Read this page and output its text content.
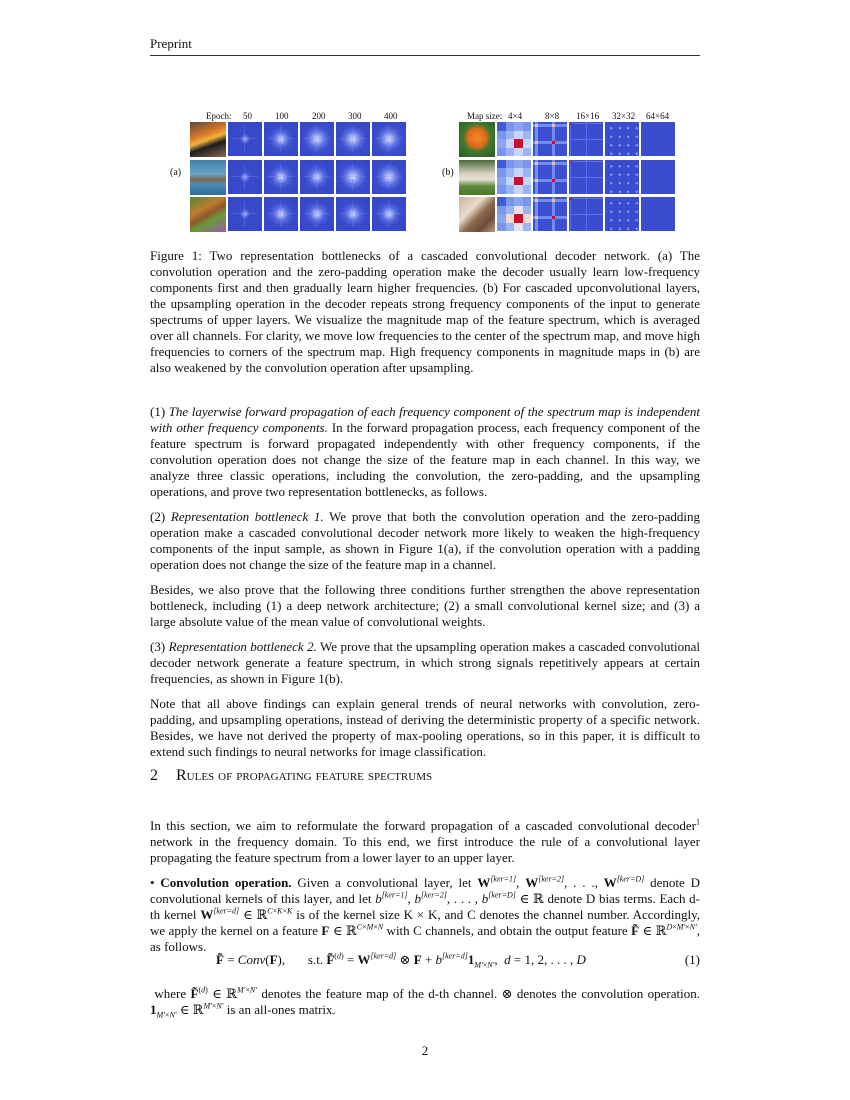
Preprint
(a)
Epoch: 50	100	200	300	400
(b)
Map size: 4×4	8×8 16×16 32×32 64×64
Figure 1: Two representation bottlenecks of a cascaded convolutional decoder network. (a) The convolution operation and the zero-padding operation make the decoder usually learn low-frequency components first and then gradually learn higher frequencies. (b) For cascaded upconvolutional layers, the upsampling operation in the decoder repeats strong frequency components of the input to generate spectrums of upper layers. We visualize the magnitude map of the feature spectrum, which is averaged over all channels. For clarity, we move low frequencies to the center of the spectrum map, and move high frequencies to corners of the spectrum map. High frequency components in magnitude maps in (b) are also weakened by the convolution operation after upsampling.

(1) The layerwise forward propagation of each frequency component of the spectrum map is independent with other frequency components. In the forward propagation process, each frequency component of the feature spectrum is forward propagated independently with other frequency components, if the convolution operation does not change the size of the feature map in each channel. In this way, we analyze three classic operations, including the convolution, the zero-padding, and the upsampling operations, and prove two representation bottlenecks, as follows.

(2) Representation bottleneck 1. We prove that both the convolution operation and the zero-padding operation make a cascaded convolutional decoder network more likely to weaken the high-frequency components of the input sample, as shown in Figure 1(a), if the convolution operation with a padding operation does not change the size of the feature map in a channel.

Besides, we also prove that the following three conditions further strengthen the above representation bottleneck, including (1) a deep network architecture; (2) a small convolutional kernel size; and (3) a large absolute value of the mean value of convolutional weights.

(3) Representation bottleneck 2. We prove that the upsampling operation makes a cascaded convolutional decoder network generate a feature spectrum, in which strong signals repetitively appears at certain frequencies, as shown in Figure 1(b).

Note that all above findings can explain general trends of neural networks with convolution, zero-padding, and upsampling operations, instead of deriving the deterministic property of a specific network. Besides, we have not derived the property of max-pooling operations, so in this paper, it is difficult to extend such findings to neural networks for image classification.

2 Rules of propagating feature spectrums

In this section, we aim to reformulate the forward propagation of a cascaded convolutional decoder$^1$ network in the frequency domain. To this end, we first introduce the rule of a convolutional layer propagating the feature spectrum from a lower layer to an upper layer.

• Convolution operation. Given a convolutional layer, let W[ker=1], W[ker=2], . . ., W[ker=D] denote D convolutional kernels of this layer, and let b[ker=1], b[ker=2], . . . , b[ker=D] ∈ ℝ denote D bias terms. Each d-th kernel W[ker=d] ∈ ℝ$^{C\times K\times K}$ is of the kernel size K × K, and C denotes the channel number. Accordingly, we apply the kernel on a feature F ∈ ℝ$^{C\times M\times N}$ with C channels, and obtain the output feature F̃ ∈ ℝ$^{D\times M'\times N'}$, as follows.

F̃ = Conv(F),       s.t. F̃$^{(d)}$ = W[ker=d] ⊗ $F + b[ker=d]1_{M'\times N'}$,  d = 1, 2, . . . , D	(1)

where F̃$^{(d)}$ ∈ ℝ$^{M'\times N'}$ denotes the feature map of the d-th channel. ⊗ denotes the convolution operation. $1_{M'\times N'}$ ∈ ℝ$^{M'\times N'}$ is an all-ones matrix.

2
